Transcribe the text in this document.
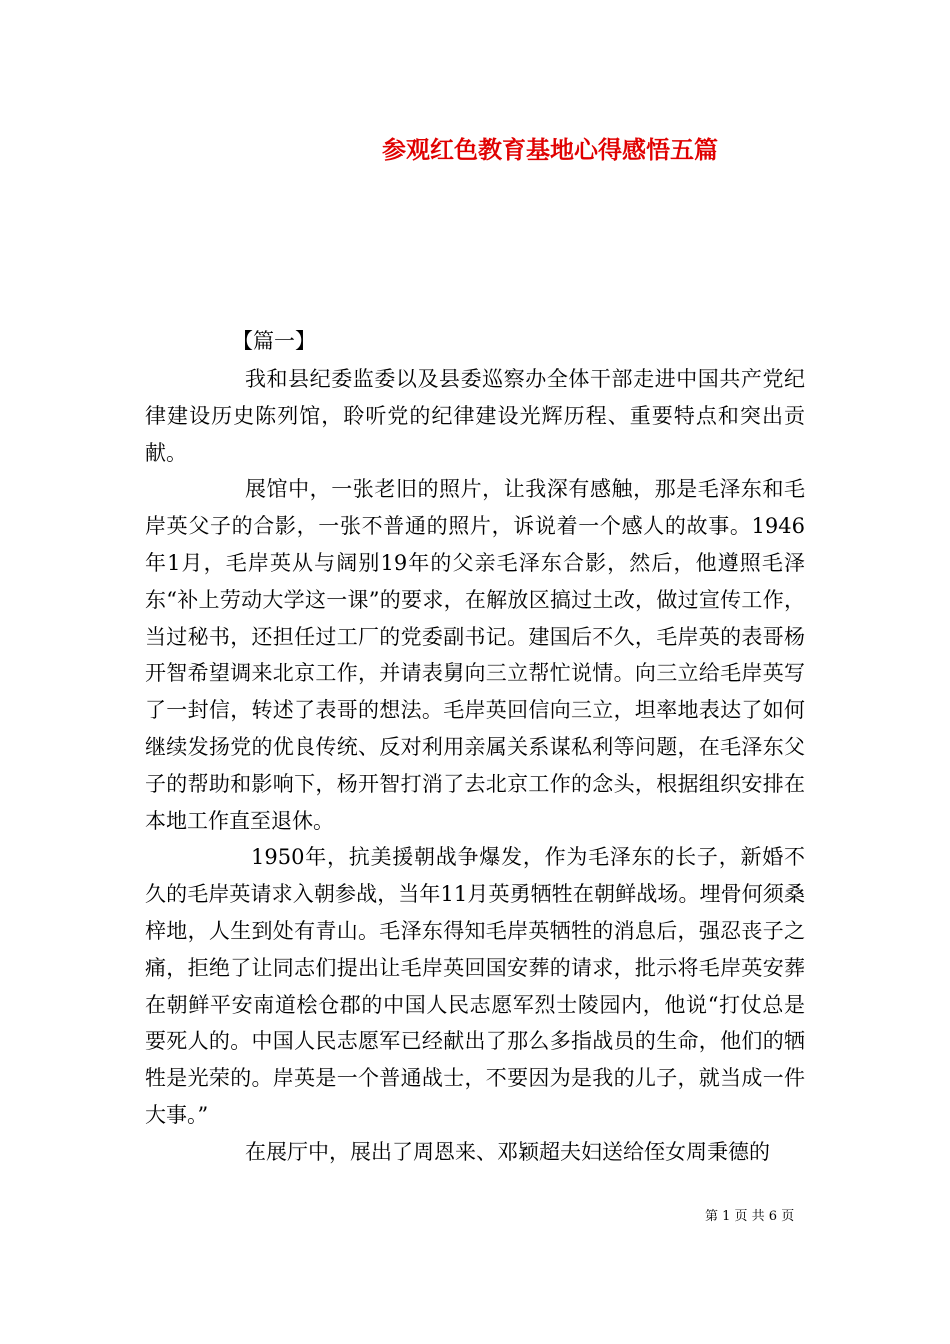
参观红色教育基地心得感悟五篇
【篇一】

我和县纪委监委以及县委巡察办全体干部走进中国共产党纪律建设历史陈列馆，聆听党的纪律建设光辉历程、重要特点和突出贡献。

展馆中，一张老旧的照片，让我深有感触，那是毛泽东和毛岸英父子的合影，一张不普通的照片，诉说着一个感人的故事。1946年1月，毛岸英从与阔别19年的父亲毛泽东合影，然后，他遵照毛泽东“补上劳动大学这一课”的要求，在解放区搞过土改，做过宣传工作，当过秘书，还担任过工厂的党委副书记。建国后不久，毛岸英的表哥杨开智希望调来北京工作，并请表舅向三立帮忙说情。向三立给毛岸英写了一封信，转述了表哥的想法。毛岸英回信向三立，坦率地表达了如何继续发扬党的优良传统、反对利用亲属关系谋私利等问题，在毛泽东父子的帮助和影响下，杨开智打消了去北京工作的念头，根据组织安排在本地工作直至退休。

1950年，抗美援朝战争爆发，作为毛泽东的长子，新婚不久的毛岸英请求入朝参战，当年11月英勇牺牲在朝鲜战场。埋骨何须桑梓地，人生到处有青山。毛泽东得知毛岸英牺牲的消息后，强忍丧子之痛，拒绝了让同志们提出让毛岸英回国安葬的请求，批示将毛岸英安葬在朝鲜平安南道桧仓郡的中国人民志愿军烈士陵园内，他说“打仗总是要死人的。中国人民志愿军已经献出了那么多指战员的生命，他们的牺牲是光荣的。岸英是一个普通战士，不要因为是我的儿子，就当成一件大事。”

在展厅中，展出了周恩来、邓颖超夫妇送给侄女周秉德的

第 1 页 共 6 页
